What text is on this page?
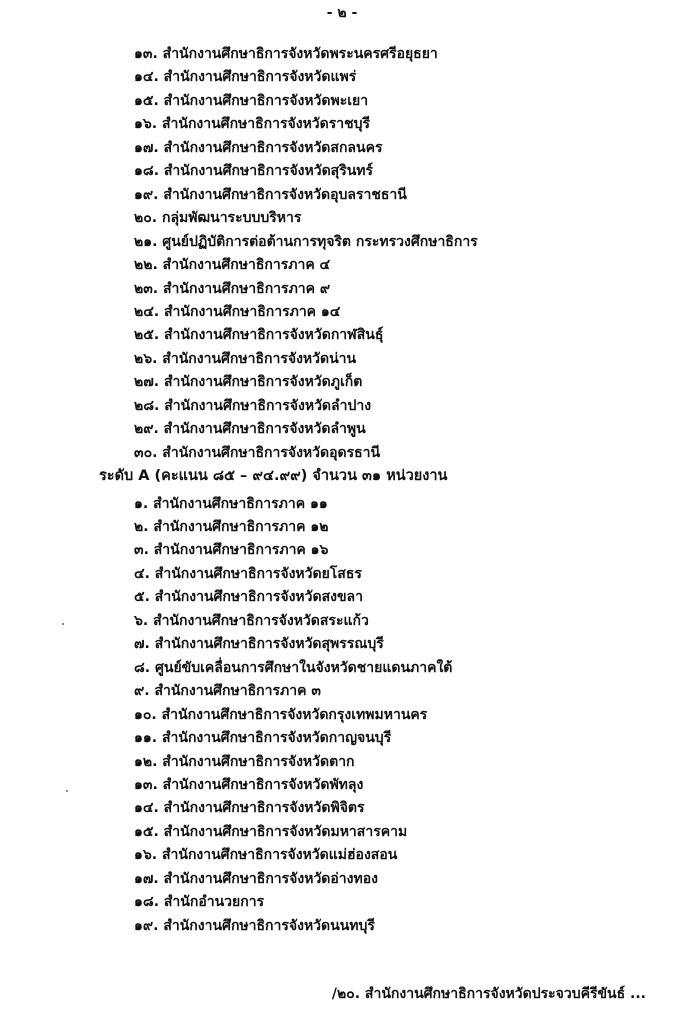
- ๒ -
๑๓. สำนักงานศึกษาธิการจังหวัดพระนครศรีอยุธยา
๑๔. สำนักงานศึกษาธิการจังหวัดแพร่
๑๕. สำนักงานศึกษาธิการจังหวัดพะเยา
๑๖. สำนักงานศึกษาธิการจังหวัดราชบุรี
๑๗. สำนักงานศึกษาธิการจังหวัดสกลนคร
๑๘. สำนักงานศึกษาธิการจังหวัดสุรินทร์
๑๙. สำนักงานศึกษาธิการจังหวัดอุบลราชธานี
๒๐. กลุ่มพัฒนาระบบบริหาร
๒๑. ศูนย์ปฏิบัติการต่อต้านการทุจริต กระทรวงศึกษาธิการ
๒๒. สำนักงานศึกษาธิการภาค ๔
๒๓. สำนักงานศึกษาธิการภาค ๙
๒๔. สำนักงานศึกษาธิการภาค ๑๔
๒๕. สำนักงานศึกษาธิการจังหวัดกาฬสินธุ์
๒๖. สำนักงานศึกษาธิการจังหวัดน่าน
๒๗. สำนักงานศึกษาธิการจังหวัดภูเก็ต
๒๘. สำนักงานศึกษาธิการจังหวัดลำปาง
๒๙. สำนักงานศึกษาธิการจังหวัดลำพูน
๓๐. สำนักงานศึกษาธิการจังหวัดอุดรธานี
ระดับ A (คะแนน ๘๕ – ๙๔.๙๙) จำนวน ๓๑ หน่วยงาน
๑. สำนักงานศึกษาธิการภาค ๑๑
๒. สำนักงานศึกษาธิการภาค ๑๒
๓. สำนักงานศึกษาธิการภาค ๑๖
๔. สำนักงานศึกษาธิการจังหวัดยโสธร
๕. สำนักงานศึกษาธิการจังหวัดสงขลา
๖. สำนักงานศึกษาธิการจังหวัดสระแก้ว
๗. สำนักงานศึกษาธิการจังหวัดสุพรรณบุรี
๘. ศูนย์ขับเคลื่อนการศึกษาในจังหวัดชายแดนภาคใต้
๙. สำนักงานศึกษาธิการภาค ๓
๑๐. สำนักงานศึกษาธิการจังหวัดกรุงเทพมหานคร
๑๑. สำนักงานศึกษาธิการจังหวัดกาญจนบุรี
๑๒. สำนักงานศึกษาธิการจังหวัดตาก
๑๓. สำนักงานศึกษาธิการจังหวัดพัทลุง
๑๔. สำนักงานศึกษาธิการจังหวัดพิจิตร
๑๕. สำนักงานศึกษาธิการจังหวัดมหาสารคาม
๑๖. สำนักงานศึกษาธิการจังหวัดแม่ฮ่องสอน
๑๗. สำนักงานศึกษาธิการจังหวัดอ่างทอง
๑๘. สำนักอำนวยการ
๑๙. สำนักงานศึกษาธิการจังหวัดนนทบุรี
/๒๐. สำนักงานศึกษาธิการจังหวัดประจวบคีรีขันธ์ ...
